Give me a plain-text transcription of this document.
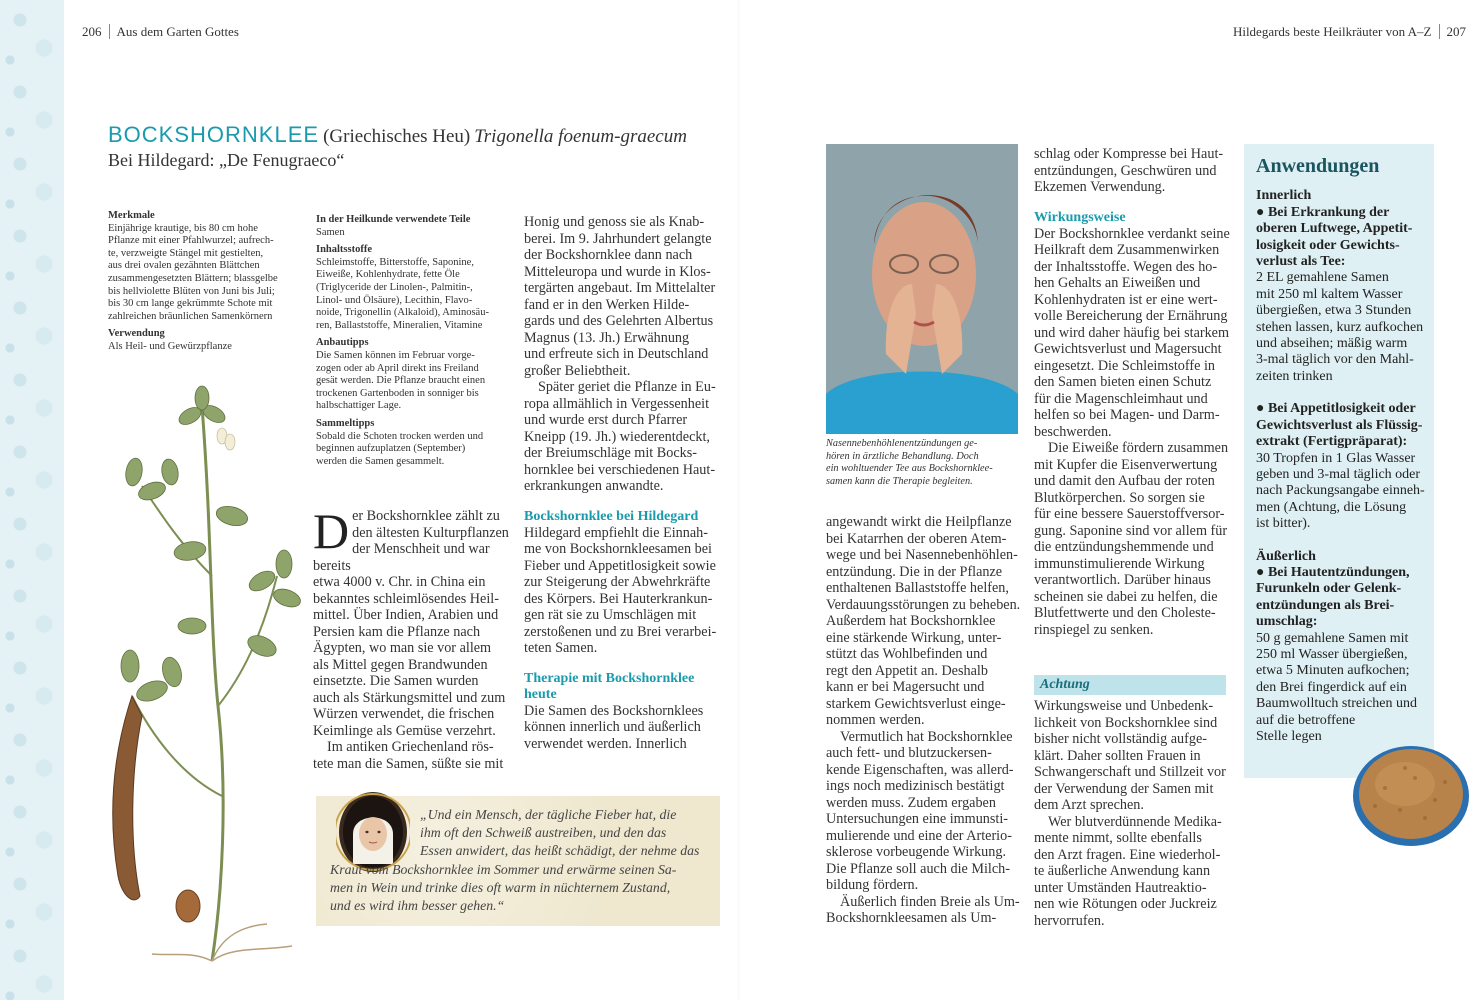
206 Aus dem Garten Gottes	Hildegards beste Heilkräuter von A–Z 207
BOCKSHORNKLEE (Griechisches Heu) Trigonella foenum-graecum
Bei Hildegard: „De Fenugraeco“
Merkmale
Einjährige krautige, bis 80 cm hohe
Pflanze mit einer Pfahlwurzel; aufrech-
te, verzweigte Stängel mit gestielten,
aus drei ovalen gezähnten Blättchen
zusammengesetzten Blättern; blassgelbe
bis hellviolette Blüten von Juni bis Juli;
bis 30 cm lange gekrümmte Schote mit
zahlreichen bräunlichen Samenkörnern
Verwendung
Als Heil- und Gewürzpflanze
In der Heilkunde verwendete Teile
Samen
Inhaltsstoffe
Schleimstoffe, Bitterstoffe, Saponine,
Eiweiße, Kohlenhydrate, fette Öle
(Triglyceride der Linolen-, Palmitin-,
Linol- und Ölsäure), Lecithin, Flavo-
noide, Trigonellin (Alkaloid), Aminosäu-
ren, Ballaststoffe, Mineralien, Vitamine
Anbautipps
Die Samen können im Februar vorge-
zogen oder ab April direkt ins Freiland
gesät werden. Die Pflanze braucht einen
trockenen Gartenboden in sonniger bis
halbschattiger Lage.
Sammeltipps
Sobald die Schoten trocken werden und
beginnen aufzuplatzen (September)
werden die Samen gesammelt.
D er Bockshornklee zählt zu
den ältesten Kulturpflanzen
der Menschheit und war bereits
etwa 4000 v. Chr. in China ein
bekanntes schleimlösendes Heil-
mittel. Über Indien, Arabien und
Persien kam die Pflanze nach
Ägypten, wo man sie vor allem
als Mittel gegen Brandwunden
einsetzte. Die Samen wurden
auch als Stärkungsmittel und zum
Würzen verwendet, die frischen
Keimlinge als Gemüse verzehrt.
Im antiken Griechenland rös-
tete man die Samen, süßte sie mit
Honig und genoss sie als Knab-
berei. Im 9. Jahrhundert gelangte
der Bockshornklee dann nach
Mitteleuropa und wurde in Klos-
tergärten angebaut. Im Mittelalter
fand er in den Werken Hilde-
gards und des Gelehrten Albertus
Magnus (13. Jh.) Erwähnung
und erfreute sich in Deutschland
großer Beliebtheit.
Später geriet die Pflanze in Eu-
ropa allmählich in Vergessenheit
und wurde erst durch Pfarrer
Kneipp (19. Jh.) wiederentdeckt,
der Breiumschläge mit Bocks-
hornklee bei verschiedenen Haut-
erkrankungen anwandte.
Bockshornklee bei Hildegard
Hildegard empfiehlt die Einnah-
me von Bockshornkleesamen bei
Fieber und Appetitlosigkeit sowie
zur Steigerung der Abwehrkräfte
des Körpers. Bei Hauterkrankun-
gen rät sie zu Umschlägen mit
zerstoßenen und zu Brei verarbei-
teten Samen.
Therapie mit Bockshornklee
heute
Die Samen des Bockshornklees
können innerlich und äußerlich
verwendet werden. Innerlich
„Und ein Mensch, der tägliche Fieber hat, die
ihm oft den Schweiß austreiben, und den das
Essen anwidert, das heißt schädigt, der nehme das
Kraut vom Bockshornklee im Sommer und erwärme seinen Sa-
men in Wein und trinke dies oft warm in nüchternem Zustand,
und es wird ihm besser gehen.“
Nasennebenhöhlenentzündungen ge-
hören in ärztliche Behandlung. Doch
ein wohltuender Tee aus Bockshornklee-
samen kann die Therapie begleiten.
angewandt wirkt die Heilpflanze
bei Katarrhen der oberen Atem-
wege und bei Nasennebenhöhlen-
entzündung. Die in der Pflanze
enthaltenen Ballaststoffe helfen,
Verdauungsstörungen zu beheben.
Außerdem hat Bockshornklee
eine stärkende Wirkung, unter-
stützt das Wohlbefinden und
regt den Appetit an. Deshalb
kann er bei Magersucht und
starkem Gewichtsverlust einge-
nommen werden.
Vermutlich hat Bockshornklee
auch fett- und blutzuckersen-
kende Eigenschaften, was allerd-
ings noch medizinisch bestätigt
werden muss. Zudem ergaben
Untersuchungen eine immunsti-
mulierende und eine der Arterio-
sklerose vorbeugende Wirkung.
Die Pflanze soll auch die Milch-
bildung fördern.
Äußerlich finden Breie als Um-
Bockshornkleesamen als Um-
schlag oder Kompresse bei Haut-
entzündungen, Geschwüren und
Ekzemen Verwendung.
Wirkungsweise
Der Bockshornklee verdankt seine
Heilkraft dem Zusammenwirken
der Inhaltsstoffe. Wegen des ho-
hen Gehalts an Eiweißen und
Kohlenhydraten ist er eine wert-
volle Bereicherung der Ernährung
und wird daher häufig bei starkem
Gewichtsverlust und Magersucht
eingesetzt. Die Schleimstoffe in
den Samen bieten einen Schutz
für die Magenschleimhaut und
helfen so bei Magen- und Darm-
beschwerden.
Die Eiweiße fördern zusammen
mit Kupfer die Eisenverwertung
und damit den Aufbau der roten
Blutkörperchen. So sorgen sie
für eine bessere Sauerstoffversor-
gung. Saponine sind vor allem für
die entzündungshemmende und
immunstimulierende Wirkung
verantwortlich. Darüber hinaus
scheinen sie dabei zu helfen, die
Blutfettwerte und den Choleste-
rinspiegel zu senken.
Achtung
Wirkungsweise und Unbedenk-
lichkeit von Bockshornklee sind
bisher nicht vollständig aufge-
klärt. Daher sollten Frauen in
Schwangerschaft und Stillzeit vor
der Verwendung der Samen mit
dem Arzt sprechen.
Wer blutverdünnende Medika-
mente nimmt, sollte ebenfalls
den Arzt fragen. Eine wiederhol-
te äußerliche Anwendung kann
unter Umständen Hautreaktio-
nen wie Rötungen oder Juckreiz
hervorrufen.
Anwendungen
Innerlich
● Bei Erkrankung der
oberen Luftwege, Appetit-
losigkeit oder Gewichts-
verlust als Tee:
2 EL gemahlene Samen
mit 250 ml kaltem Wasser
übergießen, etwa 3 Stunden
stehen lassen, kurz aufkochen
und abseihen; mäßig warm
3-mal täglich vor den Mahl-
zeiten trinken
● Bei Appetitlosigkeit oder
Gewichtsverlust als Flüssig-
extrakt (Fertigpräparat):
30 Tropfen in 1 Glas Wasser
geben und 3-mal täglich oder
nach Packungsangabe einneh-
men (Achtung, die Lösung
ist bitter).
Äußerlich
● Bei Hautentzündungen,
Furunkeln oder Gelenk-
entzündungen als Brei-
umschlag:
50 g gemahlene Samen mit
250 ml Wasser übergießen,
etwa 5 Minuten aufkochen;
den Brei fingerdick auf ein
Baumwolltuch streichen und
auf die betroffene
Stelle legen
